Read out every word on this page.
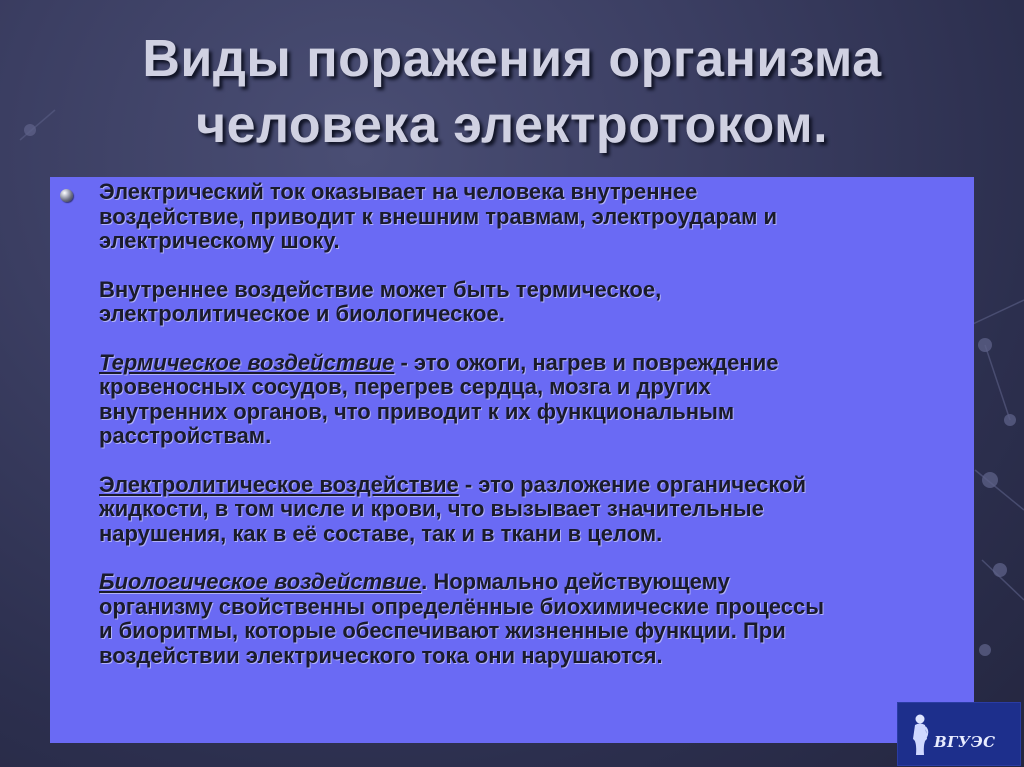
Виды поражения организма
человека электротоком.

Электрический ток оказывает на человека внутреннее
воздействие, приводит к внешним травмам, электроударам и
электрическому шоку.

Внутреннее воздействие может быть термическое,
электролитическое и биологическое.

Термическое воздействие - это ожоги, нагрев и повреждение
кровеносных сосудов, перегрев сердца, мозга и других
внутренних органов, что приводит к их функциональным
расстройствам.

Электролитическое воздействие - это разложение органической
жидкости, в том числе и крови, что вызывает значительные
нарушения, как в её составе, так и в ткани в целом.

Биологическое воздействие. Нормально действующему
организму свойственны определённые биохимические процессы
и биоритмы, которые обеспечивают жизненные функции. При
воздействии электрического тока они нарушаются.

ВГУЭС
